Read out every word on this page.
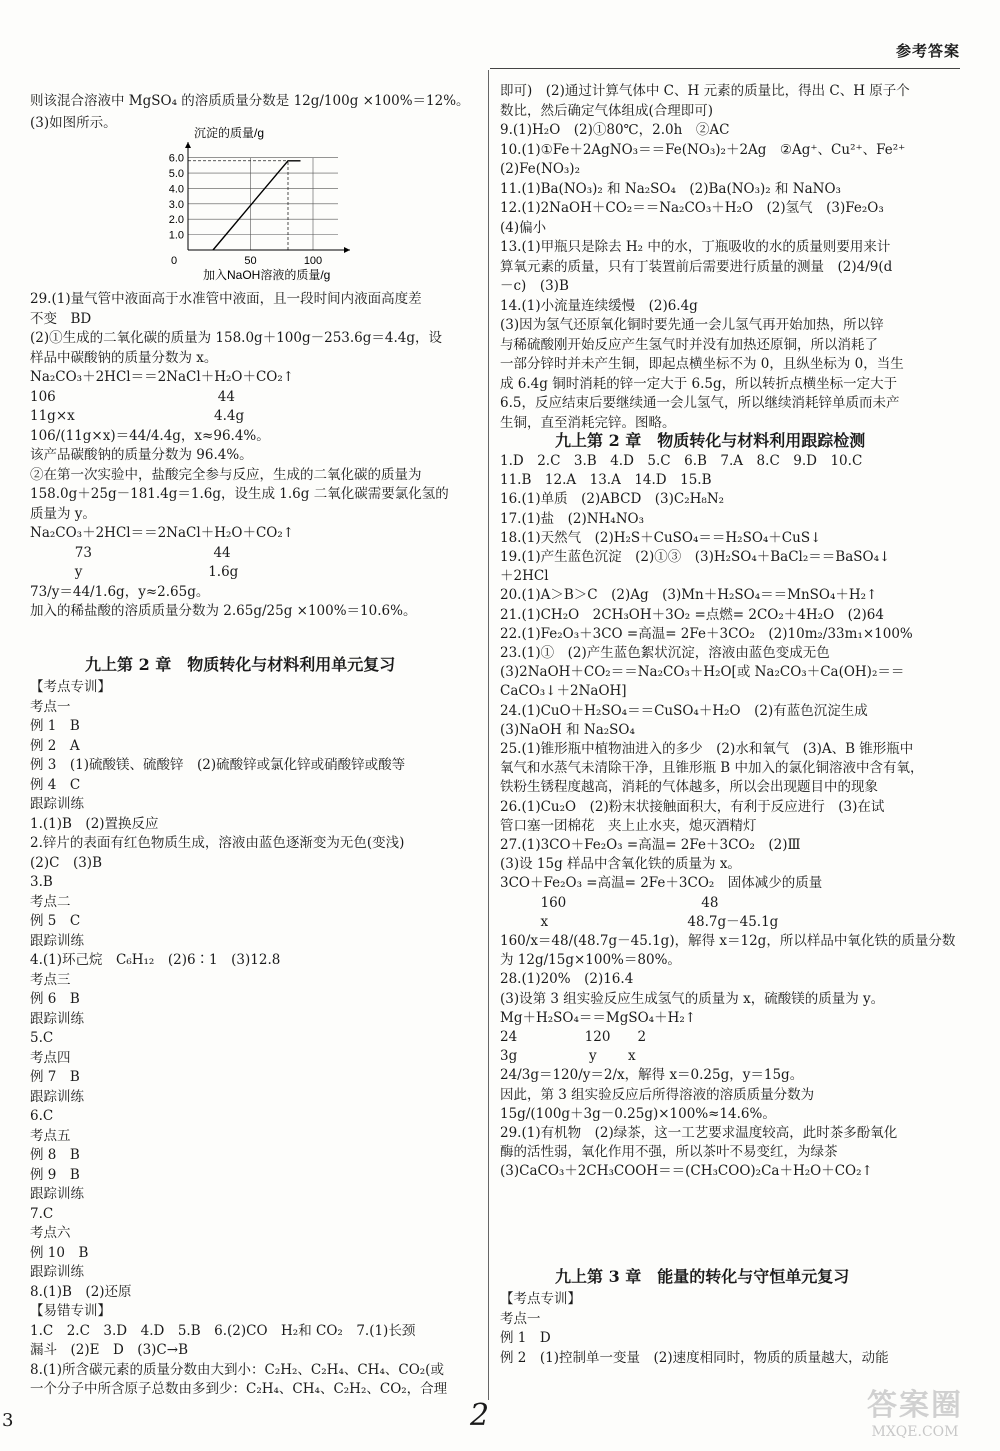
参考答案
则该混合溶液中 MgSO₄ 的溶质质量分数是 12g/100g ×100%＝12%。
(3)如图所示。
29.(1)量气管中液面高于水准管中液面，且一段时间内液面高度差
不变　BD
(2)①生成的二氧化碳的质量为 158.0g＋100g－253.6g＝4.4g，设
样品中碳酸钠的质量分数为 x。
Na₂CO₃＋2HCl＝＝2NaCl＋H₂O＋CO₂↑
106　　　　　　　　　　　　44
11g×x　　　　　　　　　　 4.4g
106/(11g×x)＝44/4.4g，x≈96.4%。
该产品碳酸钠的质量分数为 96.4%。
②在第一次实验中，盐酸完全参与反应，生成的二氧化碳的质量为
158.0g＋25g－181.4g＝1.6g，设生成 1.6g 二氧化碳需要氯化氢的
质量为 y。
Na₂CO₃＋2HCl＝＝2NaCl＋H₂O＋CO₂↑
　　　 73　　　　　　　　　44
　　　 y　　　　　　　　　 1.6g
73/y＝44/1.6g，y≈2.65g。
加入的稀盐酸的溶质质量分数为 2.65g/25g ×100%＝10.6%。
九上第 2 章　物质转化与材料利用单元复习
【考点专训】
考点一
例 1　B
例 2　A
例 3　(1)硫酸镁、硫酸锌　(2)硫酸锌或氯化锌或硝酸锌或酸等
例 4　C
跟踪训练
1.(1)B　(2)置换反应
2.锌片的表面有红色物质生成，溶液由蓝色逐渐变为无色(变浅)
(2)C　(3)B
3.B
考点二
例 5　C
跟踪训练
4.(1)环己烷　C₆H₁₂　(2)6∶1　(3)12.8
考点三
例 6　B
跟踪训练
5.C
考点四
例 7　B
跟踪训练
6.C
考点五
例 8　B
例 9　B
跟踪训练
7.C
考点六
例 10　B
跟踪训练
8.(1)B　(2)还原
【易错专训】
1.C　2.C　3.D　4.D　5.B　6.(2)CO　H₂和 CO₂　7.(1)长颈
漏斗　(2)E　D　(3)C→B
8.(1)所含碳元素的质量分数由大到小：C₂H₂、C₂H₄、CH₄、CO₂(或
一个分子中所含原子总数由多到少：C₂H₄、CH₄、C₂H₂、CO₂，合理
即可)　(2)通过计算气体中 C、H 元素的质量比，得出 C、H 原子个
数比，然后确定气体组成(合理即可)
9.(1)H₂O　(2)①80℃，2.0h　②AC
10.(1)①Fe＋2AgNO₃＝＝Fe(NO₃)₂＋2Ag　②Ag⁺、Cu²⁺、Fe²⁺
(2)Fe(NO₃)₂
11.(1)Ba(NO₃)₂ 和 Na₂SO₄　(2)Ba(NO₃)₂ 和 NaNO₃
12.(1)2NaOH＋CO₂＝＝Na₂CO₃＋H₂O　(2)氢气　(3)Fe₂O₃
(4)偏小
13.(1)甲瓶只是除去 H₂ 中的水，丁瓶吸收的水的质量则要用来计
算氧元素的质量，只有丁装置前后需要进行质量的测量　(2)4/9(d
－c)　(3)B
14.(1)小流量连续缓慢　(2)6.4g
(3)因为氢气还原氧化铜时要先通一会儿氢气再开始加热，所以锌
与稀硫酸刚开始反应产生氢气时并没有加热还原铜，所以消耗了
一部分锌时并未产生铜，即起点横坐标不为 0，且纵坐标为 0，当生
成 6.4g 铜时消耗的锌一定大于 6.5g，所以转折点横坐标一定大于
6.5，反应结束后要继续通一会儿氢气，所以继续消耗锌单质而未产
生铜，直至消耗完锌。图略。
九上第 2 章　物质转化与材料利用跟踪检测
1.D　2.C　3.B　4.D　5.C　6.B　7.A　8.C　9.D　10.C
11.B　12.A　13.A　14.D　15.B
16.(1)单质　(2)ABCD　(3)C₂H₈N₂
17.(1)盐　(2)NH₄NO₃
18.(1)天然气　(2)H₂S＋CuSO₄＝＝H₂SO₄＋CuS↓
19.(1)产生蓝色沉淀　(2)①③　(3)H₂SO₄＋BaCl₂＝＝BaSO₄↓
＋2HCl
20.(1)A＞B＞C　(2)Ag　(3)Mn＋H₂SO₄＝＝MnSO₄＋H₂↑
21.(1)CH₂O　2CH₃OH＋3O₂ =点燃= 2CO₂＋4H₂O　(2)64
22.(1)Fe₂O₃＋3CO =高温= 2Fe＋3CO₂　(2)10m₂/33m₁×100%
23.(1)①　(2)产生蓝色絮状沉淀，溶液由蓝色变成无色
(3)2NaOH＋CO₂＝＝Na₂CO₃＋H₂O[或 Na₂CO₃＋Ca(OH)₂＝＝
CaCO₃↓＋2NaOH]
24.(1)CuO＋H₂SO₄＝＝CuSO₄＋H₂O　(2)有蓝色沉淀生成
(3)NaOH 和 Na₂SO₄
25.(1)锥形瓶中植物油进入的多少　(2)水和氧气　(3)A、B 锥形瓶中
氧气和水蒸气未清除干净，且锥形瓶 B 中加入的氯化铜溶液中含有氧，
铁粉生锈程度越高，消耗的气体越多，所以会出现题目中的现象
26.(1)Cu₂O　(2)粉末状接触面积大，有利于反应进行　(3)在试
管口塞一团棉花　夹上止水夹，熄灭酒精灯
27.(1)3CO＋Fe₂O₃ =高温= 2Fe＋3CO₂　(2)Ⅲ
(3)设 15g 样品中含氧化铁的质量为 x。
3CO＋Fe₂O₃ =高温= 2Fe＋3CO₂　固体减少的质量
　　　160　　　　　　　　　　48
　　　x　　　　　　　　　　 48.7g－45.1g
160/x＝48/(48.7g－45.1g)，解得 x＝12g，所以样品中氧化铁的质量分数
为 12g/15g×100%＝80%。
28.(1)20%　(2)16.4
(3)设第 3 组实验反应生成氢气的质量为 x，硫酸镁的质量为 y。
Mg＋H₂SO₄＝＝MgSO₄＋H₂↑
24　　　　　120　　2
3g　　　　　 y　　 x
24/3g＝120/y＝2/x，解得 x＝0.25g，y＝15g。
因此，第 3 组实验反应后所得溶液的溶质质量分数为
15g/(100g＋3g－0.25g)×100%≈14.6%。
29.(1)有机物　(2)绿茶，这一工艺要求温度较高，此时茶多酚氧化
酶的活性弱，氧化作用不强，所以茶叶不易变红，为绿茶
(3)CaCO₃＋2CH₃COOH＝＝(CH₃COO)₂Ca＋H₂O＋CO₂↑
九上第 3 章　能量的转化与守恒单元复习
【考点专训】
考点一
例 1　D
例 2　(1)控制单一变量　(2)速度相同时，物质的质量越大，动能
1.0
2.0
3.0
4.0
5.0
6.0
0	50	100
沉淀的质量/g
加入NaOH溶液的质量/g
3	2	答案圈
MXQE.COM
